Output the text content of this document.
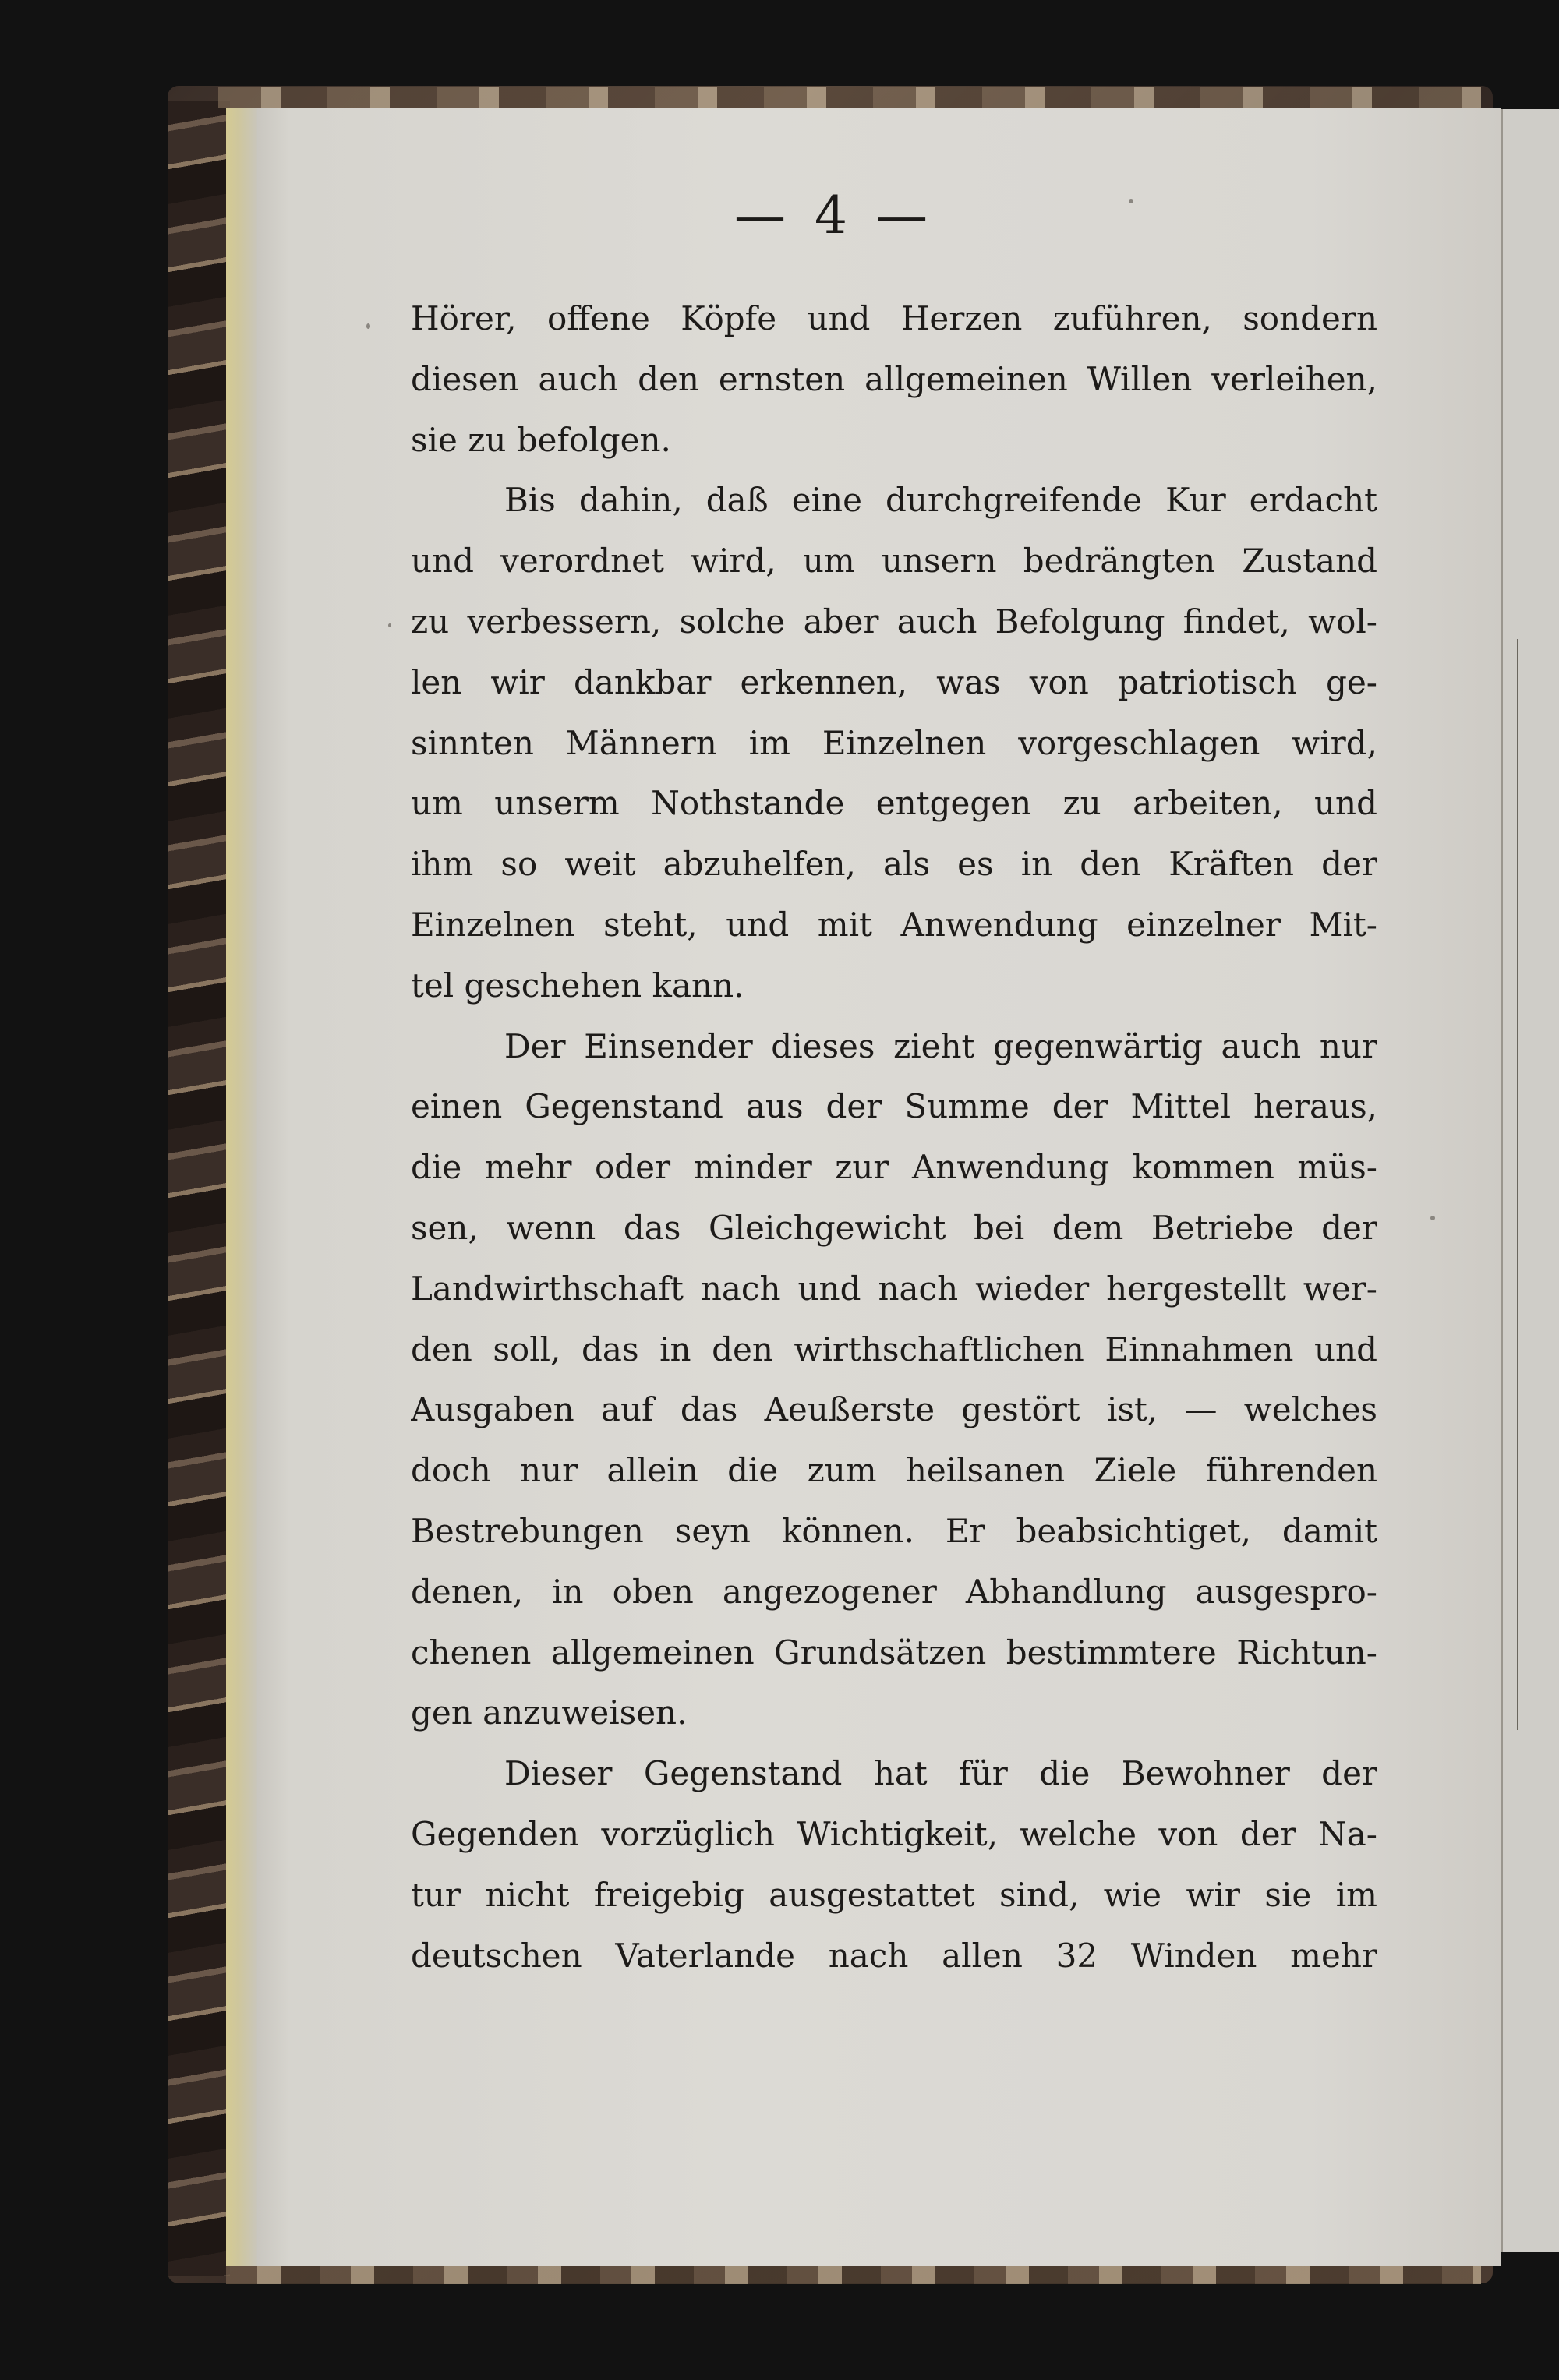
— 4 —
Hörer, offene Köpfe und Herzen zuführen, sondern
diesen auch den ernsten allgemeinen Willen verleihen,
sie zu befolgen.
Bis dahin, daß eine durchgreifende Kur erdacht
und verordnet wird, um unsern bedrängten Zustand
zu verbessern, solche aber auch Befolgung findet, wol-
len wir dankbar erkennen, was von patriotisch ge-
sinnten Männern im Einzelnen vorgeschlagen wird,
um unserm Nothstande entgegen zu arbeiten, und
ihm so weit abzuhelfen, als es in den Kräften der
Einzelnen steht, und mit Anwendung einzelner Mit-
tel geschehen kann.
Der Einsender dieses zieht gegenwärtig auch nur
einen Gegenstand aus der Summe der Mittel heraus,
die mehr oder minder zur Anwendung kommen müs-
sen, wenn das Gleichgewicht bei dem Betriebe der
Landwirthschaft nach und nach wieder hergestellt wer-
den soll, das in den wirthschaftlichen Einnahmen und
Ausgaben auf das Aeußerste gestört ist, — welches
doch nur allein die zum heilsanen Ziele führenden
Bestrebungen seyn können. Er beabsichtiget, damit
denen, in oben angezogener Abhandlung ausgespro-
chenen allgemeinen Grundsätzen bestimmtere Richtun-
gen anzuweisen.
Dieser Gegenstand hat für die Bewohner der
Gegenden vorzüglich Wichtigkeit, welche von der Na-
tur nicht freigebig ausgestattet sind, wie wir sie im
deutschen Vaterlande nach allen 32 Winden mehr
